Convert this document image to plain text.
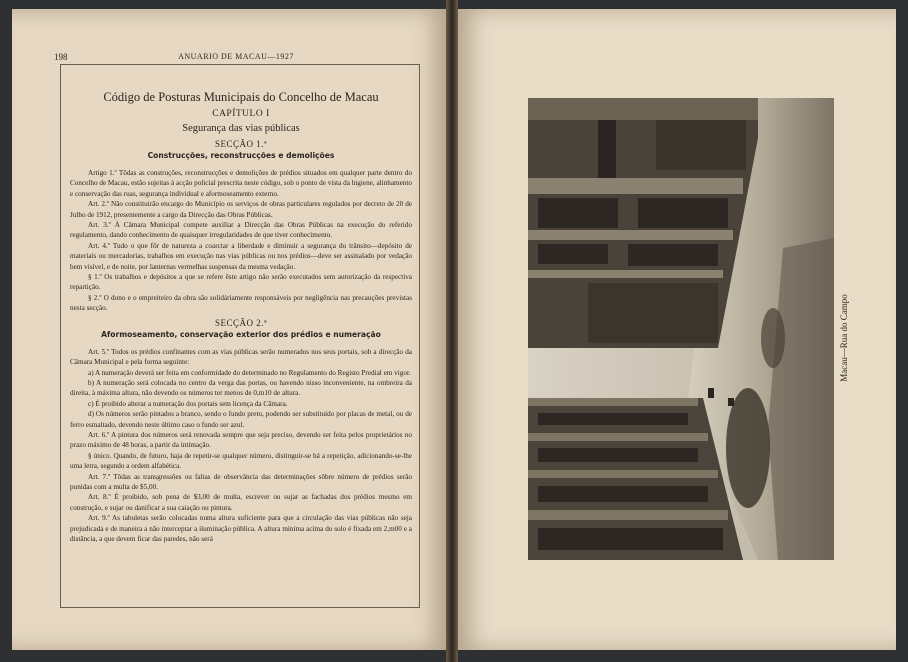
198	ANUARIO DE MACAU—1927
Código de Posturas Municipais do Concelho de Macau
CAPÍTULO I
Segurança das vias públicas
SECÇÃO 1.ª
Construcções, reconstrucções e demolições

Artigo 1.º Tôdas as construções, reconstrucções e demolições de prédios situados em qualquer parte dentro do Concelho de Macau, estão sujeitas à acção policial prescrita neste código, sob o ponto de vista da higiene, alinhamento e conservação das ruas, segurança individual e aformoseamento externo.

Art. 2.º Não constituirão encargo do Município os serviços de obras particulares regulados por decreto de 20 de Julho de 1912, presentemente a cargo da Direcção das Obras Públicas.

Art. 3.º À Câmara Municipal compete auxiliar a Direcção das Obras Públicas na execução do referido regulamento, dando conhecimento de quaisquer irregularidades de que tiver conhecimento.

Art. 4.º Tudo o que fôr de natureza a coarctar a liberdade e diminuir a segurança do trânsito—depósito de materiais ou mercadorias, trabalhos em execução nas vias públicas ou nos prédios—deve ser assinalado por vedação bem visível, e de noite, por lanternas vermelhas suspensas da mesma vedação.

§ 1.º Os trabalhos e depósitos a que se refere êste artigo não serão executados sem autorização da respectiva repartição.

§ 2.º O dono e o empreiteiro da obra são solidáriamente responsáveis por negligência nas precauções previstas nesta secção.

SECÇÃO 2.ª
Aformoseamento, conservação exterior dos prédios e numeração

Art. 5.º Todos os prédios confinantes com as vias públicas serão numerados nos seus portais, sob a direcção da Câmara Municipal e pela forma seguinte:

a) A numeração deverá ser feita em conformidade do determinado no Regulamento do Registo Predial em vigor.

b) A numeração será colocada no centro da verga das portas, ou havendo nisso inconveniente, na ombreira da direita, à máxima altura, não devendo os números ter menos de 0,m10 de altura.

c) É proibido alterar a numeração dos portais sem licença da Câmara.

d) Os números serão pintados a branco, sendo o fundo preto, podendo ser substituído por placas de metal, ou de ferro esmaltado, devendo neste último caso o fundo ser azul.

Art. 6.º A pintura dos números será renovada sempre que seja preciso, devendo ser feita pelos proprietários no prazo máximo de 48 horas, a partir da intimação.

§ único. Quando, de futuro, haja de repetir-se qualquer número, distinguir-se há a repetição, adicionando-se-lhe uma letra, segundo a ordem alfabética.

Art. 7.º Tôdas as transgressões ou faltas de observância das determinações sôbre número de prédios serão punidas com a multa de $5,00.

Art. 8.º É proibido, sob pena de $3,00 de multa, escrever ou sujar as fachadas dos prédios mesmo em construção, e sujar ou danificar a sua caiação ou pintura.

Art. 9.º As tabuletas serão colocadas numa altura suficiente para que a circulação das vias públicas não seja prejudicada e de maneira a não interceptar a iluminação pública. A altura mínima acima do solo é fixada em 2,m00 e a distância, a que devem ficar das paredes, não será

Macau—Rua do Campo
